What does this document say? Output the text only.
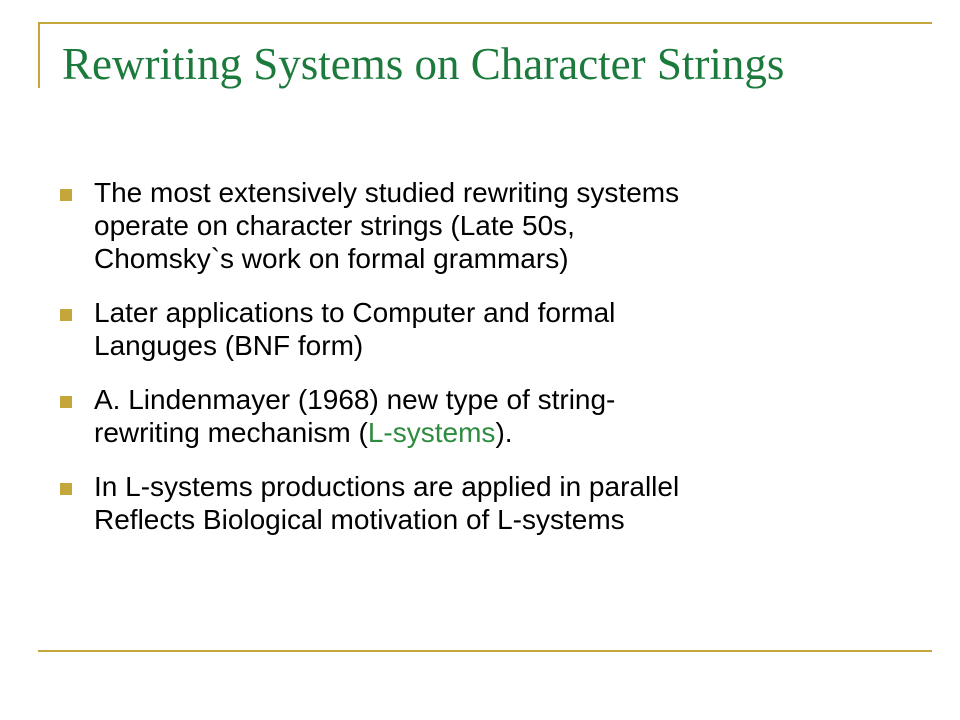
Rewriting Systems on Character Strings
The most extensively studied rewriting systems
operate on character strings (Late 50s,
Chomsky`s work on formal grammars)
Later applications to Computer and formal
Languges (BNF form)
A. Lindenmayer (1968) new type of string-
rewriting mechanism (L-systems).
In L-systems productions are applied in parallel
Reflects Biological motivation of L-systems
